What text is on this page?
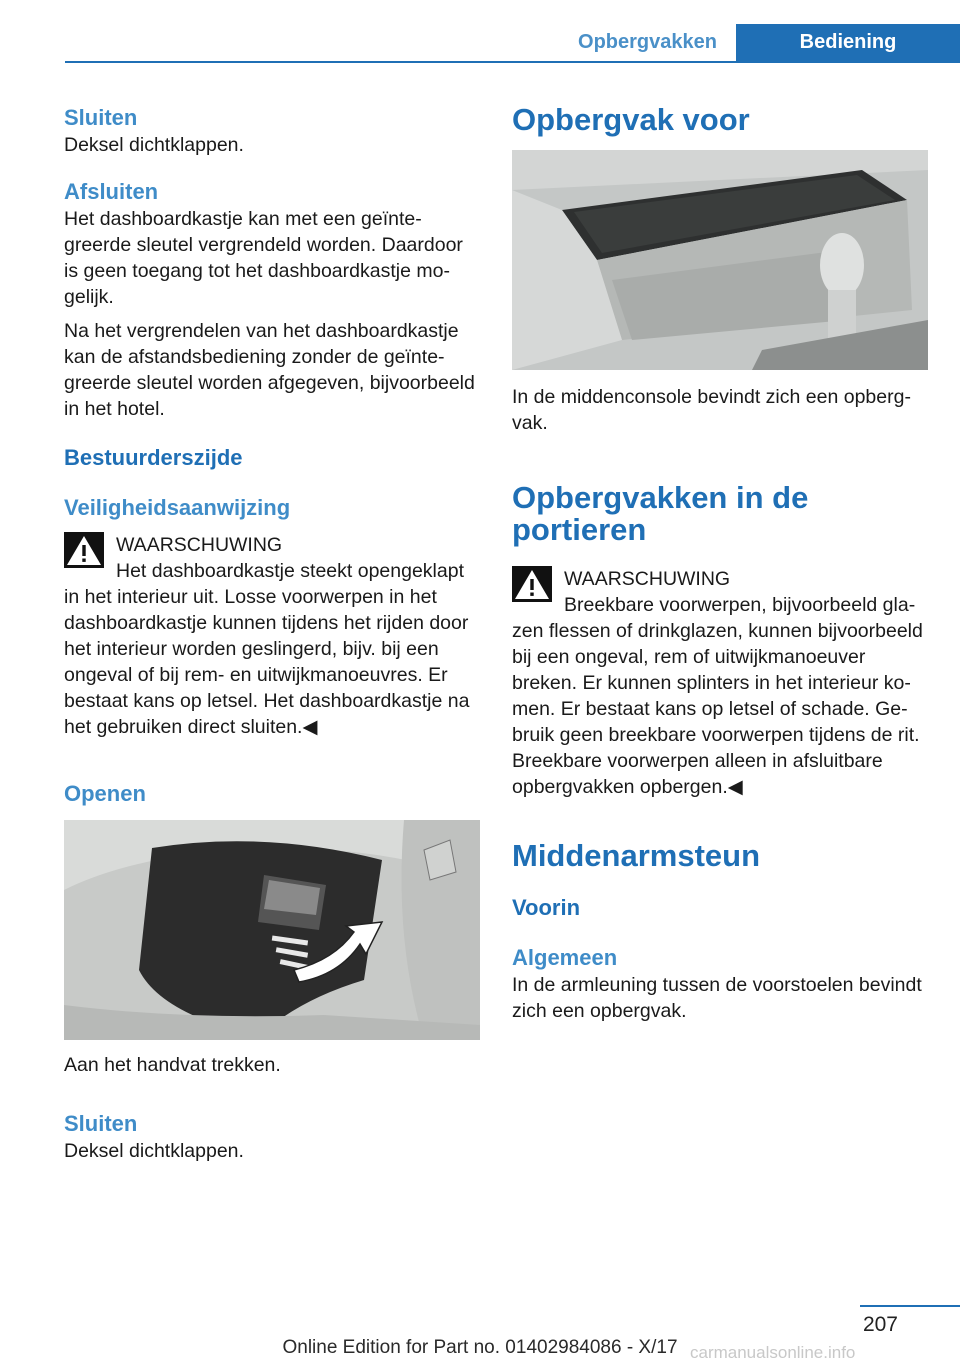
Opbergvakken	Bediening
Sluiten

Deksel dichtklappen.

Afsluiten

Het dashboardkastje kan met een geïntegreerde sleutel vergrendeld worden. Daardoor is geen toegang tot het dashboardkastje mogelijk.

Na het vergrendelen van het dashboardkastje kan de afstandsbediening zonder de geïntegreerde sleutel worden afgegeven, bijvoorbeeld in het hotel.

Bestuurderszijde
Veiligheidsaanwijzing
WAARSCHUWING

Het dashboardkastje steekt opengeklapt in het interieur uit. Losse voorwerpen in het dashboardkastje kunnen tijdens het rijden door het interieur worden geslingerd, bijv. bij een ongeval of bij rem- en uitwijkmanoeuvres. Er bestaat kans op letsel. Het dashboardkastje na het gebruiken direct sluiten.◀

Openen

Aan het handvat trekken.

Sluiten

Deksel dichtklappen.

Opbergvak voor

In de middenconsole bevindt zich een opbergvak.

Opbergvakken in de portieren
WAARSCHUWING

Breekbare voorwerpen, bijvoorbeeld glazen flessen of drinkglazen, kunnen bijvoorbeeld bij een ongeval, rem of uitwijkmanoeuver breken. Er kunnen splinters in het interieur komen. Er bestaat kans op letsel of schade. Gebruik geen breekbare voorwerpen tijdens de rit. Breekbare voorwerpen alleen in afsluitbare opbergvakken opbergen.◀

Middenarmsteun
Voorin
Algemeen

In de armleuning tussen de voorstoelen bevindt zich een opbergvak.

207
Online Edition for Part no. 01402984086 - X/17 carmanualsonline.info
